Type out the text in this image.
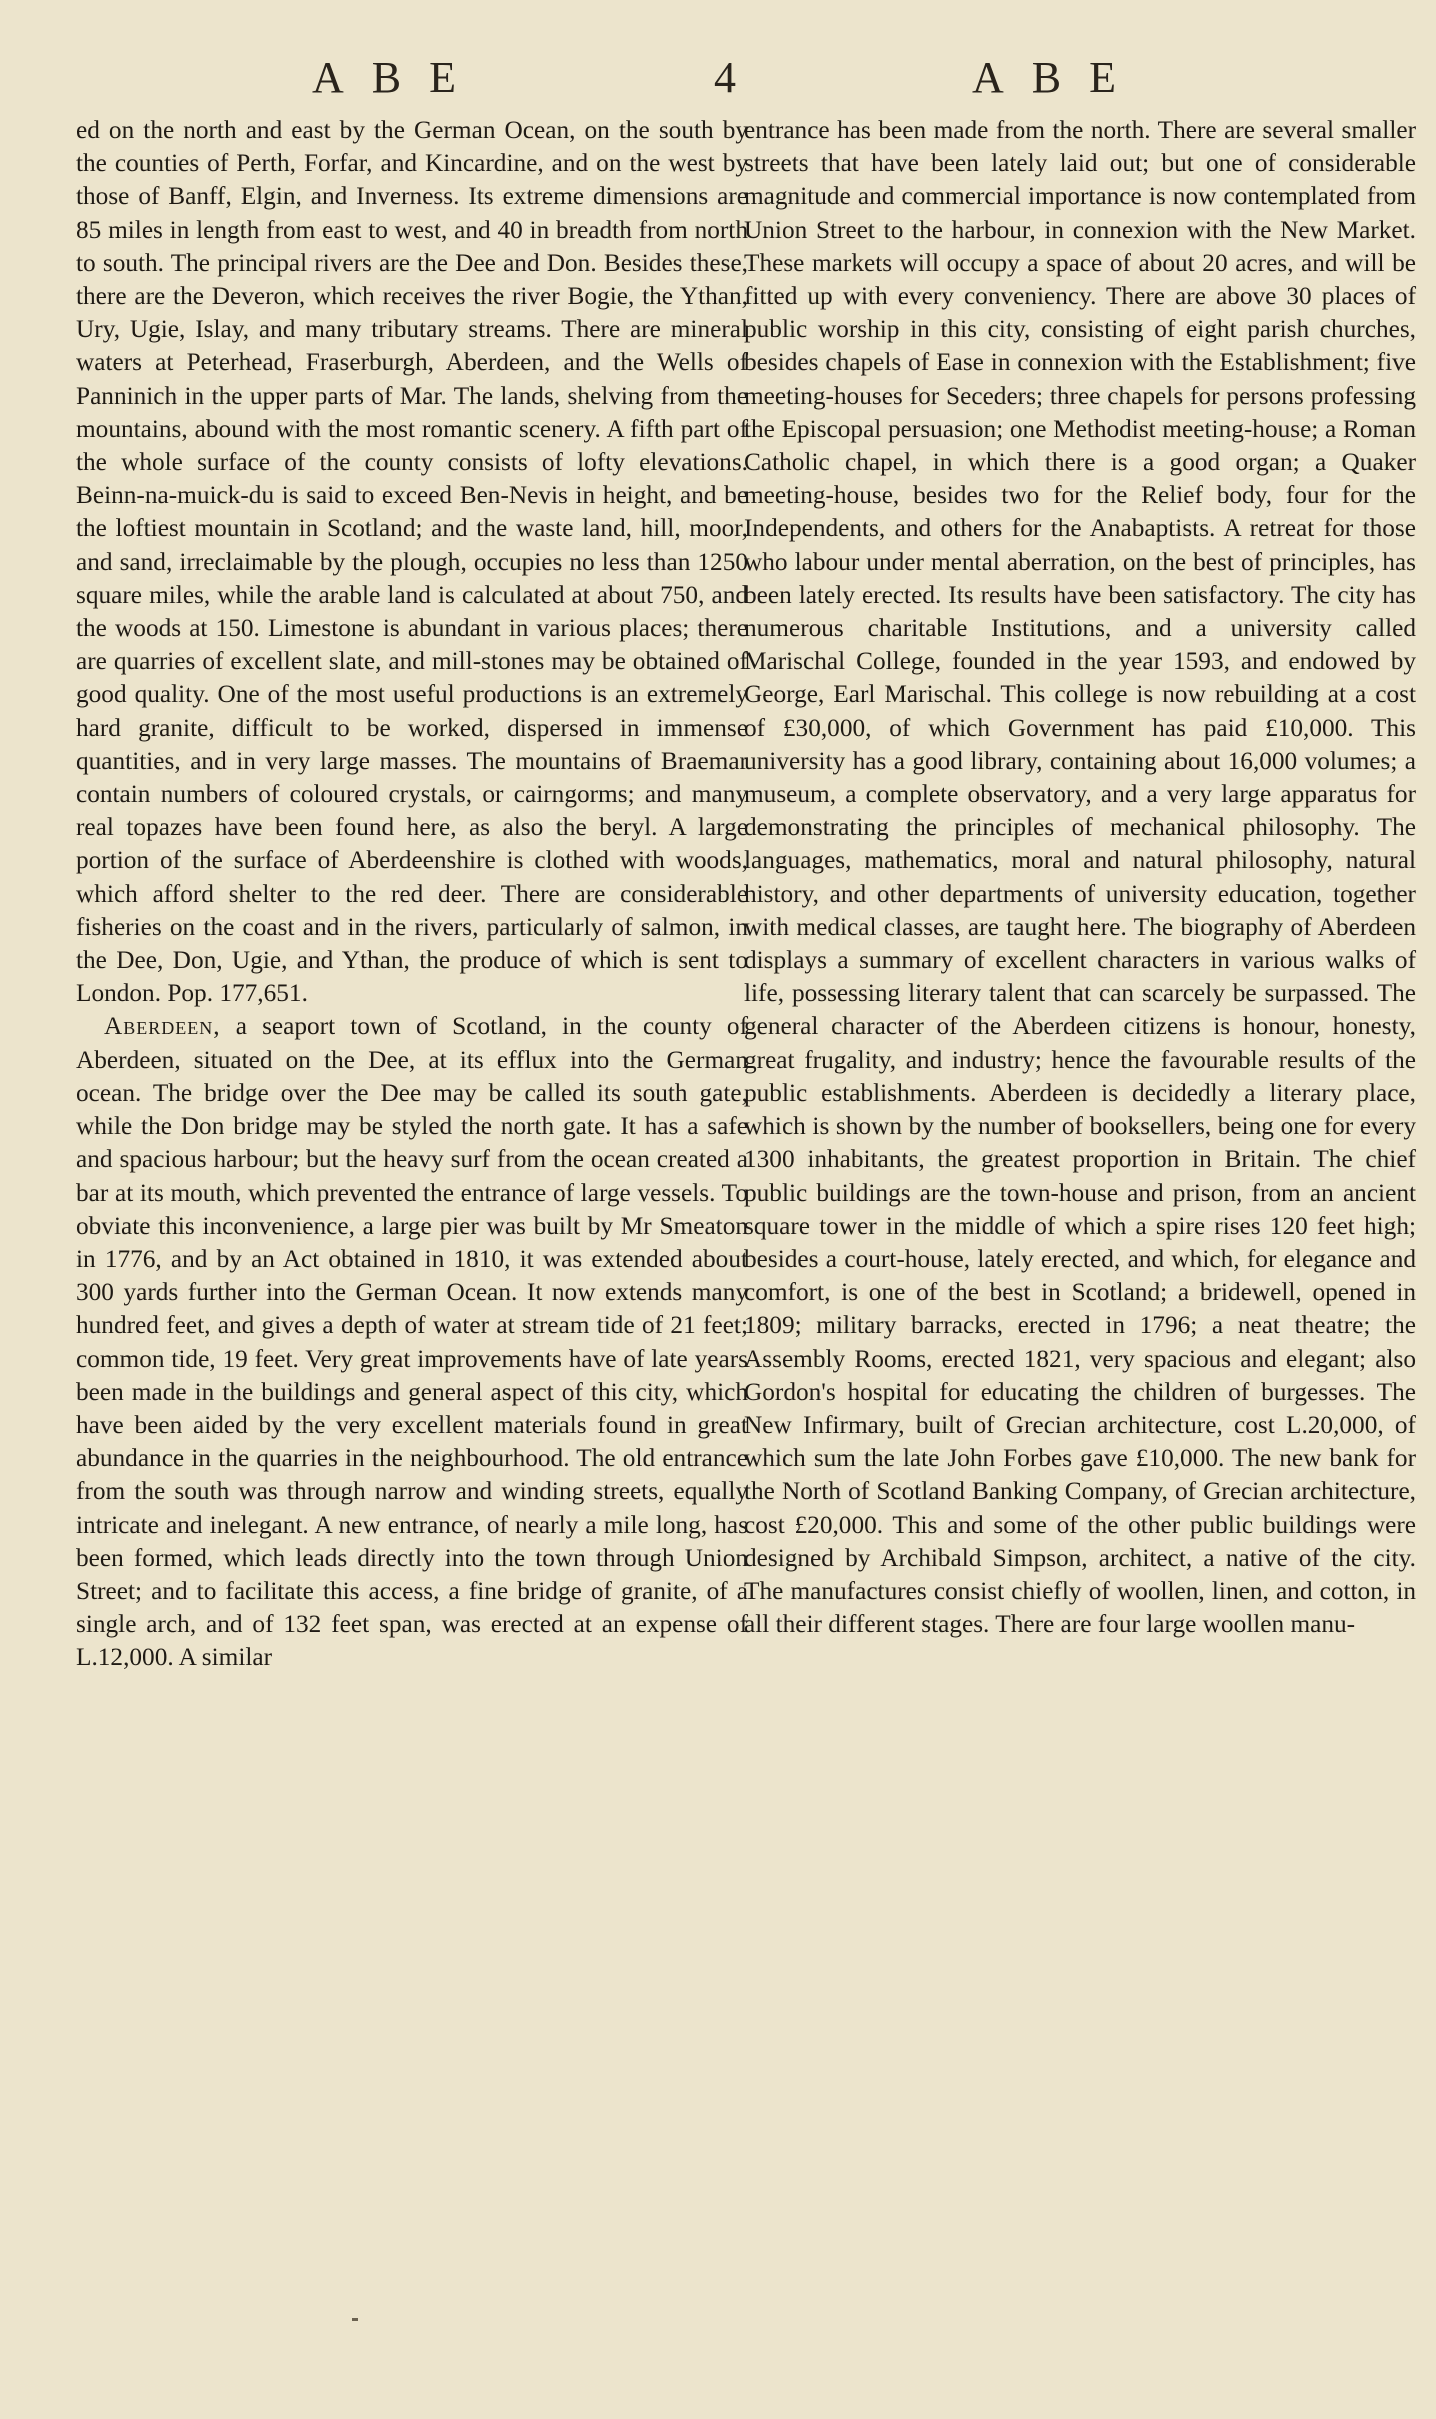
ABE	4	ABE

ed on the north and east by the German Ocean, on the south by the counties of Perth, Forfar, and Kincardine, and on the west by those of Banff, Elgin, and Inverness. Its extreme dimensions are 85 miles in length from east to west, and 40 in breadth from north to south. The principal rivers are the Dee and Don. Besides these, there are the Deveron, which receives the river Bogie, the Ythan, Ury, Ugie, Islay, and many tributary streams. There are mineral waters at Peterhead, Fraserburgh, Aberdeen, and the Wells of Panninich in the upper parts of Mar. The lands, shelving from the mountains, abound with the most romantic scenery. A fifth part of the whole surface of the county consists of lofty elevations. Beinn-na-muick-du is said to exceed Ben-Nevis in height, and be the loftiest mountain in Scotland; and the waste land, hill, moor, and sand, irreclaimable by the plough, occupies no less than 1250 square miles, while the arable land is calculated at about 750, and the woods at 150. Limestone is abundant in various places; there are quarries of excellent slate, and mill-stones may be obtained of good quality. One of the most useful productions is an extremely hard granite, difficult to be worked, dispersed in immense quantities, and in very large masses. The mountains of Braemar contain numbers of coloured crystals, or cairngorms; and many real topazes have been found here, as also the beryl. A large portion of the surface of Aberdeenshire is clothed with woods, which afford shelter to the red deer. There are considerable fisheries on the coast and in the rivers, particularly of salmon, in the Dee, Don, Ugie, and Ythan, the produce of which is sent to London. Pop. 177,651.

Aberdeen, a seaport town of Scotland, in the county of Aberdeen, situated on the Dee, at its efflux into the German ocean. The bridge over the Dee may be called its south gate, while the Don bridge may be styled the north gate. It has a safe and spacious harbour; but the heavy surf from the ocean created a bar at its mouth, which prevented the entrance of large vessels. To obviate this inconvenience, a large pier was built by Mr Smeaton in 1776, and by an Act obtained in 1810, it was extended about 300 yards further into the German Ocean. It now extends many hundred feet, and gives a depth of water at stream tide of 21 feet; common tide, 19 feet. Very great improvements have of late years been made in the buildings and general aspect of this city, which have been aided by the very excellent materials found in great abundance in the quarries in the neighbourhood. The old entrance from the south was through narrow and winding streets, equally intricate and inelegant. A new entrance, of nearly a mile long, has been formed, which leads directly into the town through Union Street; and to facilitate this access, a fine bridge of granite, of a single arch, and of 132 feet span, was erected at an expense of L.12,000. A similar

entrance has been made from the north. There are several smaller streets that have been lately laid out; but one of considerable magnitude and commercial importance is now contemplated from Union Street to the harbour, in connexion with the New Market. These markets will occupy a space of about 20 acres, and will be fitted up with every conveniency. There are above 30 places of public worship in this city, consisting of eight parish churches, besides chapels of Ease in connexion with the Establishment; five meeting-houses for Seceders; three chapels for persons professing the Episcopal persuasion; one Methodist meeting-house; a Roman Catholic chapel, in which there is a good organ; a Quaker meeting-house, besides two for the Relief body, four for the Independents, and others for the Anabaptists. A retreat for those who labour under mental aberration, on the best of principles, has been lately erected. Its results have been satisfactory. The city has numerous charitable Institutions, and a university called Marischal College, founded in the year 1593, and endowed by George, Earl Marischal. This college is now rebuilding at a cost of £30,000, of which Government has paid £10,000. This university has a good library, containing about 16,000 volumes; a museum, a complete observatory, and a very large apparatus for demonstrating the principles of mechanical philosophy. The languages, mathematics, moral and natural philosophy, natural history, and other departments of university education, together with medical classes, are taught here. The biography of Aberdeen displays a summary of excellent characters in various walks of life, possessing literary talent that can scarcely be surpassed. The general character of the Aberdeen citizens is honour, honesty, great frugality, and industry; hence the favourable results of the public establishments. Aberdeen is decidedly a literary place, which is shown by the number of booksellers, being one for every 1300 inhabitants, the greatest proportion in Britain. The chief public buildings are the town-house and prison, from an ancient square tower in the middle of which a spire rises 120 feet high; besides a court-house, lately erected, and which, for elegance and comfort, is one of the best in Scotland; a bridewell, opened in 1809; military barracks, erected in 1796; a neat theatre; the Assembly Rooms, erected 1821, very spacious and elegant; also Gordon's hospital for educating the children of burgesses. The New Infirmary, built of Grecian architecture, cost L.20,000, of which sum the late John Forbes gave £10,000. The new bank for the North of Scotland Banking Company, of Grecian architecture, cost £20,000. This and some of the other public buildings were designed by Archibald Simpson, architect, a native of the city. The manufactures consist chiefly of woollen, linen, and cotton, in all their different stages. There are four large woollen manu-
